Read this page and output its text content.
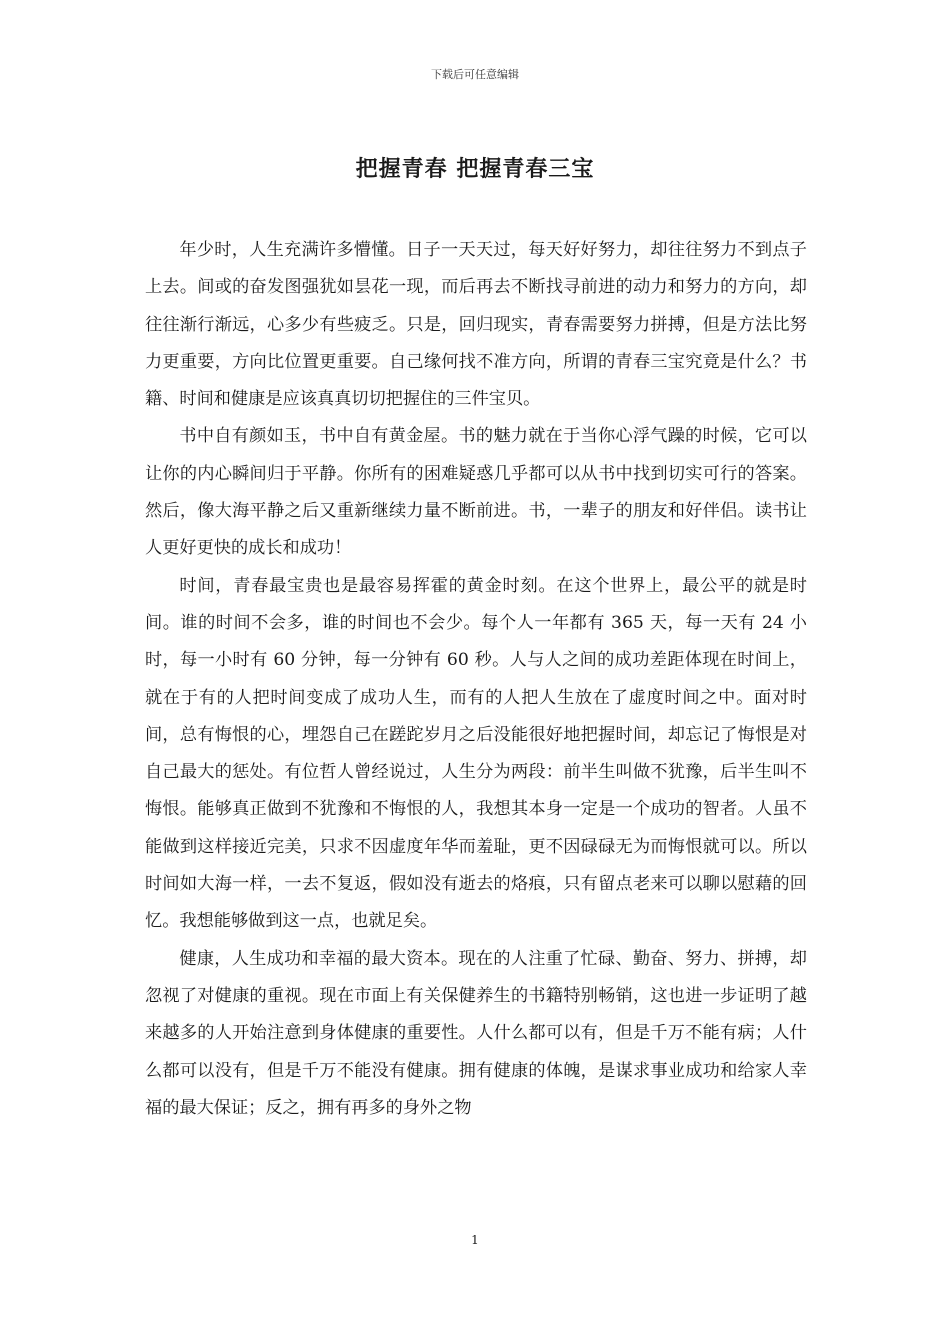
下载后可任意编辑
把握青春 把握青春三宝

年少时，人生充满许多懵懂。日子一天天过，每天好好努力，却往往努力不到点子上去。间或的奋发图强犹如昙花一现，而后再去不断找寻前进的动力和努力的方向，却往往渐行渐远，心多少有些疲乏。只是，回归现实，青春需要努力拼搏，但是方法比努力更重要，方向比位置更重要。自己缘何找不准方向，所谓的青春三宝究竟是什么？书籍、时间和健康是应该真真切切把握住的三件宝贝。

书中自有颜如玉，书中自有黄金屋。书的魅力就在于当你心浮气躁的时候，它可以让你的内心瞬间归于平静。你所有的困难疑惑几乎都可以从书中找到切实可行的答案。然后，像大海平静之后又重新继续力量不断前进。书，一辈子的朋友和好伴侣。读书让人更好更快的成长和成功！

时间，青春最宝贵也是最容易挥霍的黄金时刻。在这个世界上，最公平的就是时间。谁的时间不会多，谁的时间也不会少。每个人一年都有 365 天，每一天有 24 小时，每一小时有 60 分钟，每一分钟有 60 秒。人与人之间的成功差距体现在时间上，就在于有的人把时间变成了成功人生，而有的人把人生放在了虚度时间之中。面对时间，总有悔恨的心，埋怨自己在蹉跎岁月之后没能很好地把握时间，却忘记了悔恨是对自己最大的惩处。有位哲人曾经说过，人生分为两段：前半生叫做不犹豫，后半生叫不悔恨。能够真正做到不犹豫和不悔恨的人，我想其本身一定是一个成功的智者。人虽不能做到这样接近完美，只求不因虚度年华而羞耻，更不因碌碌无为而悔恨就可以。所以时间如大海一样，一去不复返，假如没有逝去的烙痕，只有留点老来可以聊以慰藉的回忆。我想能够做到这一点，也就足矣。

健康，人生成功和幸福的最大资本。现在的人注重了忙碌、勤奋、努力、拼搏，却忽视了对健康的重视。现在市面上有关保健养生的书籍特别畅销，这也进一步证明了越来越多的人开始注意到身体健康的重要性。人什么都可以有，但是千万不能有病；人什么都可以没有，但是千万不能没有健康。拥有健康的体魄，是谋求事业成功和给家人幸福的最大保证；反之，拥有再多的身外之物

1
